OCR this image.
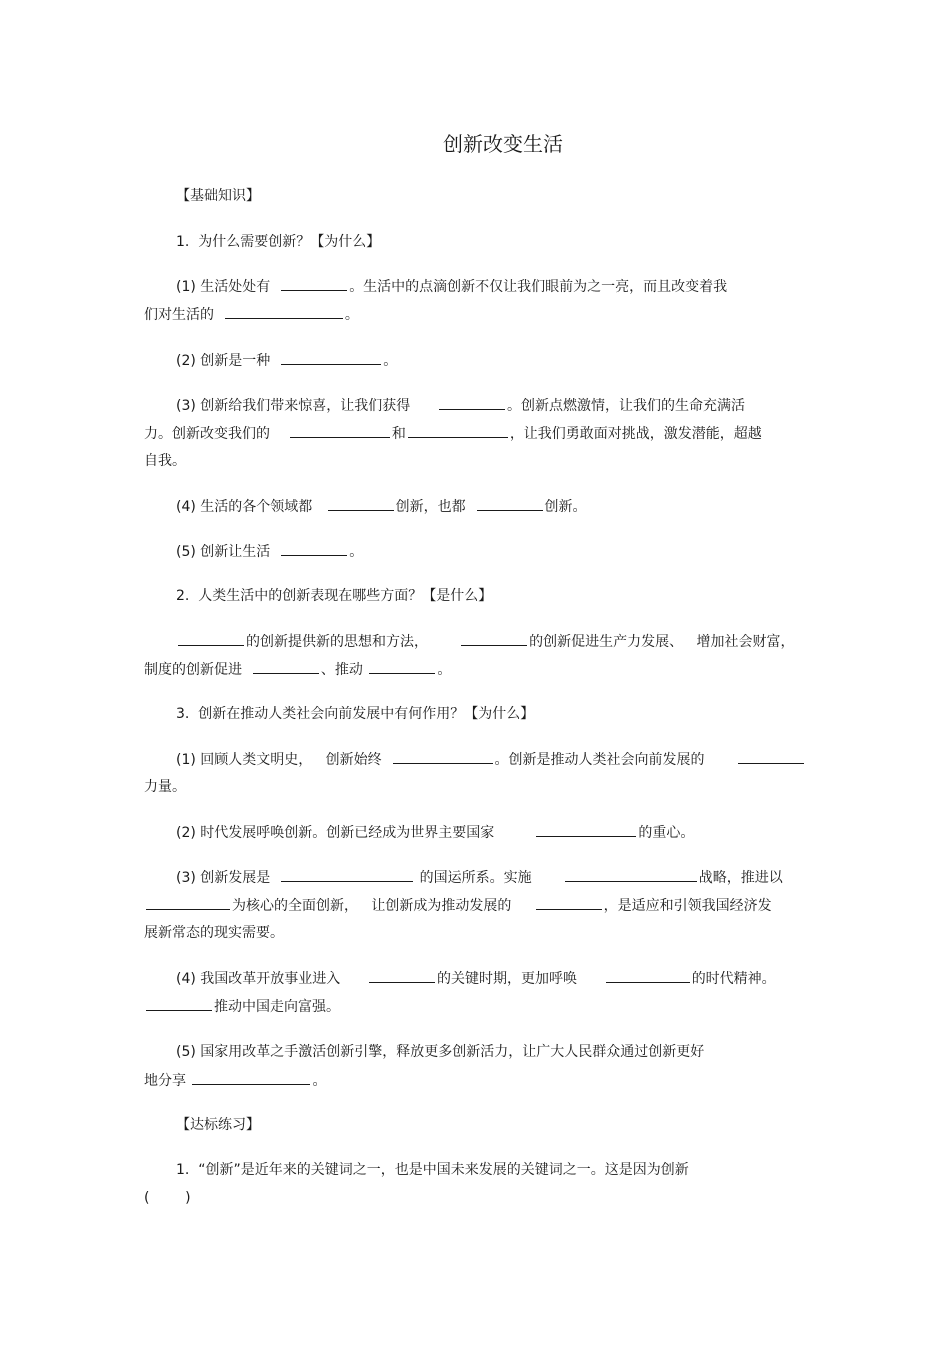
创新改变生活
【基础知识】
1.  为什么需要创新？【为什么】
(1) 生活处处有	。生活中的点滴创新不仅让我们眼前为之一亮，而且改变着我
们对生活的	。
(2) 创新是一种	。
(3) 创新给我们带来惊喜，让我们获得	。创新点燃激情，让我们的生命充满活
力。创新改变我们的	和	，让我们勇敢面对挑战，激发潜能，超越
自我。
(4) 生活的各个领域都	创新，也都	创新。
(5) 创新让生活	。
2.  人类生活中的创新表现在哪些方面？【是什么】
的创新提供新的思想和方法，	的创新促进生产力发展、   增加社会财富，
制度的创新促进	、推动	。
3.  创新在推动人类社会向前发展中有何作用？【为什么】
(1) 回顾人类文明史，   创新始终	。创新是推动人类社会向前发展的
力量。
(2) 时代发展呼唤创新。创新已经成为世界主要国家	的重心。
(3) 创新发展是	的国运所系。实施	战略，推进以
为核心的全面创新，   让创新成为推动发展的	，是适应和引领我国经济发
展新常态的现实需要。
(4) 我国改革开放事业进入	的关键时期，更加呼唤	的时代精神。
推动中国走向富强。
(5) 国家用改革之手激活创新引擎，释放更多创新活力，让广大人民群众通过创新更好
地分享	。
【达标练习】
1.  “创新”是近年来的关键词之一，也是中国未来发展的关键词之一。这是因为创新
(        )
